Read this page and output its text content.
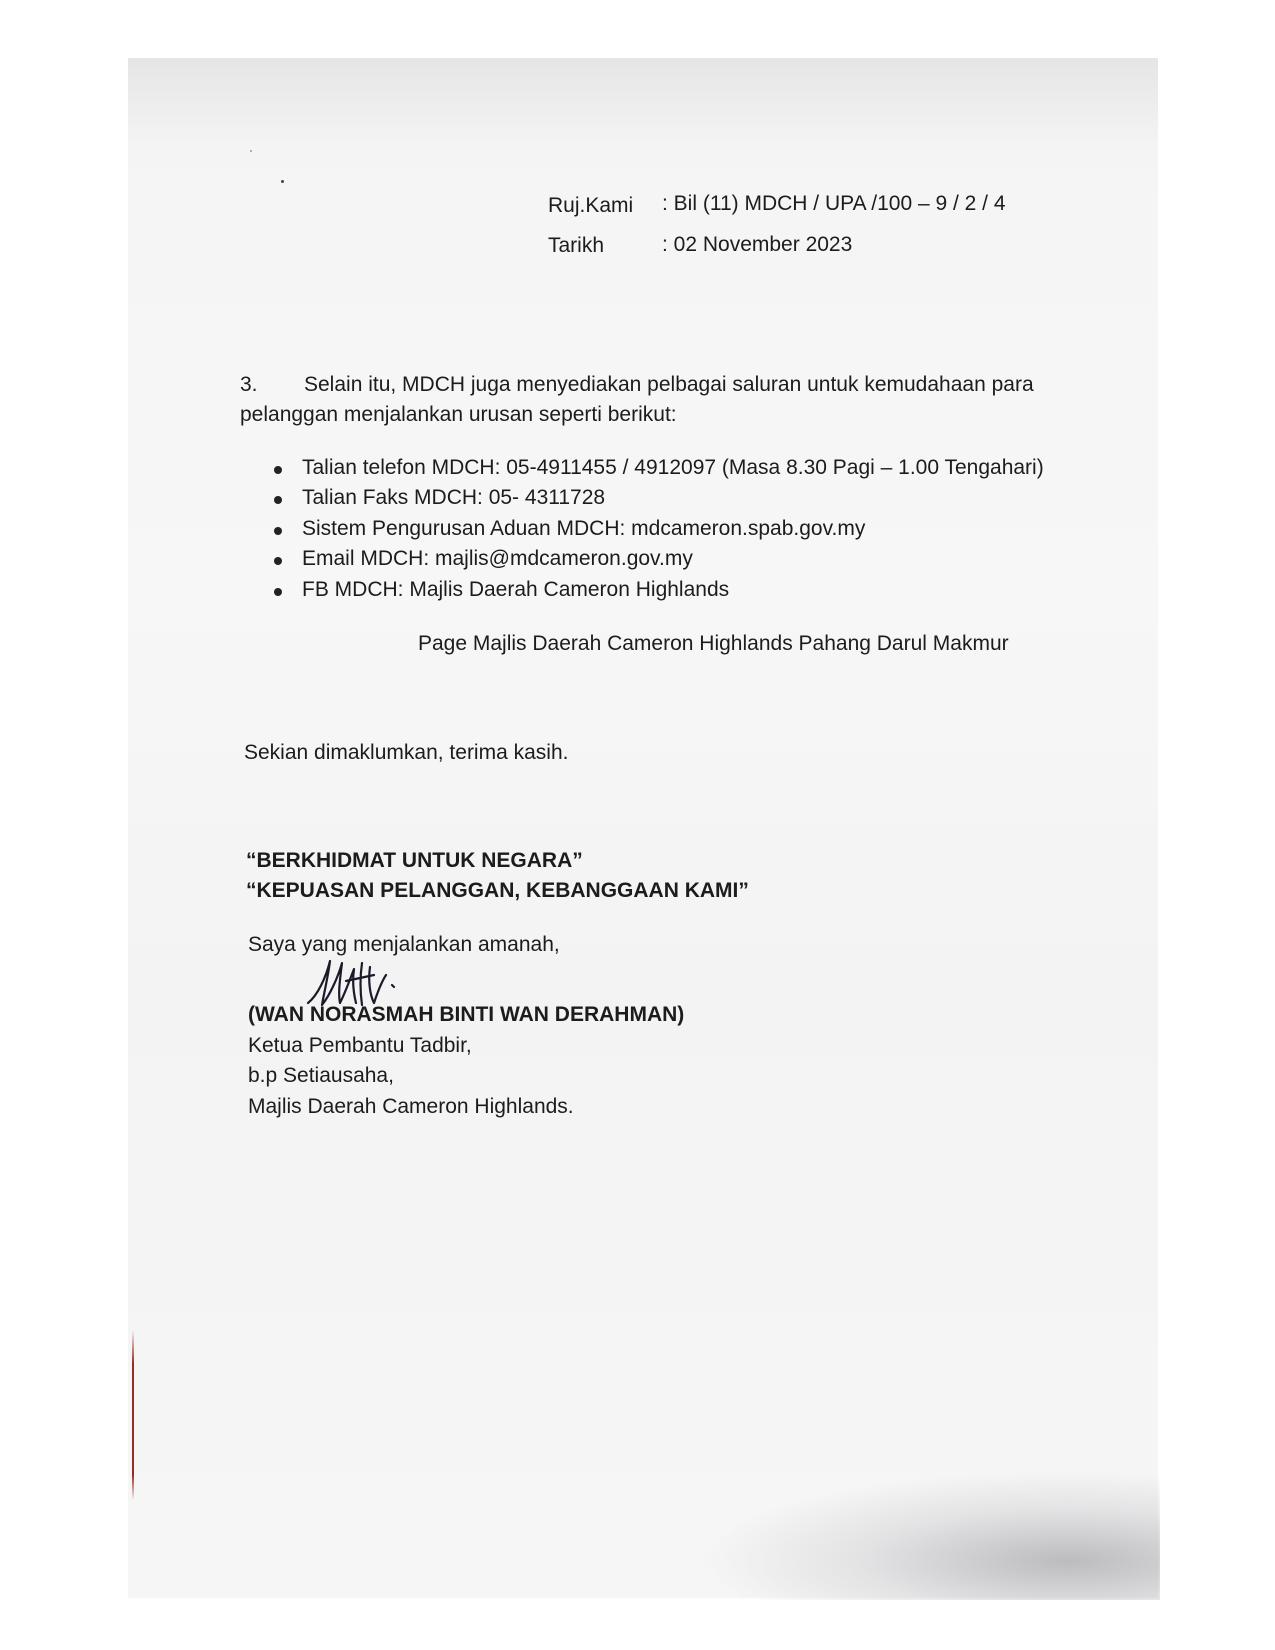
Ruj.Kami : Bil (11) MDCH / UPA /100 – 9 / 2 / 4
Tarikh	: 02 November 2023
3. Selain itu, MDCH juga menyediakan pelbagai saluran untuk kemudahaan para
pelanggan menjalankan urusan seperti berikut:
Talian telefon MDCH: 05-4911455 / 4912097 (Masa 8.30 Pagi – 1.00 Tengahari)
Talian Faks MDCH: 05- 4311728
Sistem Pengurusan Aduan MDCH: mdcameron.spab.gov.my
Email MDCH: majlis@mdcameron.gov.my
FB MDCH: Majlis Daerah Cameron Highlands
Page Majlis Daerah Cameron Highlands Pahang Darul Makmur
Sekian dimaklumkan, terima kasih.
“BERKHIDMAT UNTUK NEGARA”
“KEPUASAN PELANGGAN, KEBANGGAAN KAMI”
Saya yang menjalankan amanah,
(WAN NORASMAH BINTI WAN DERAHMAN)
Ketua Pembantu Tadbir,
b.p Setiausaha,
Majlis Daerah Cameron Highlands.
